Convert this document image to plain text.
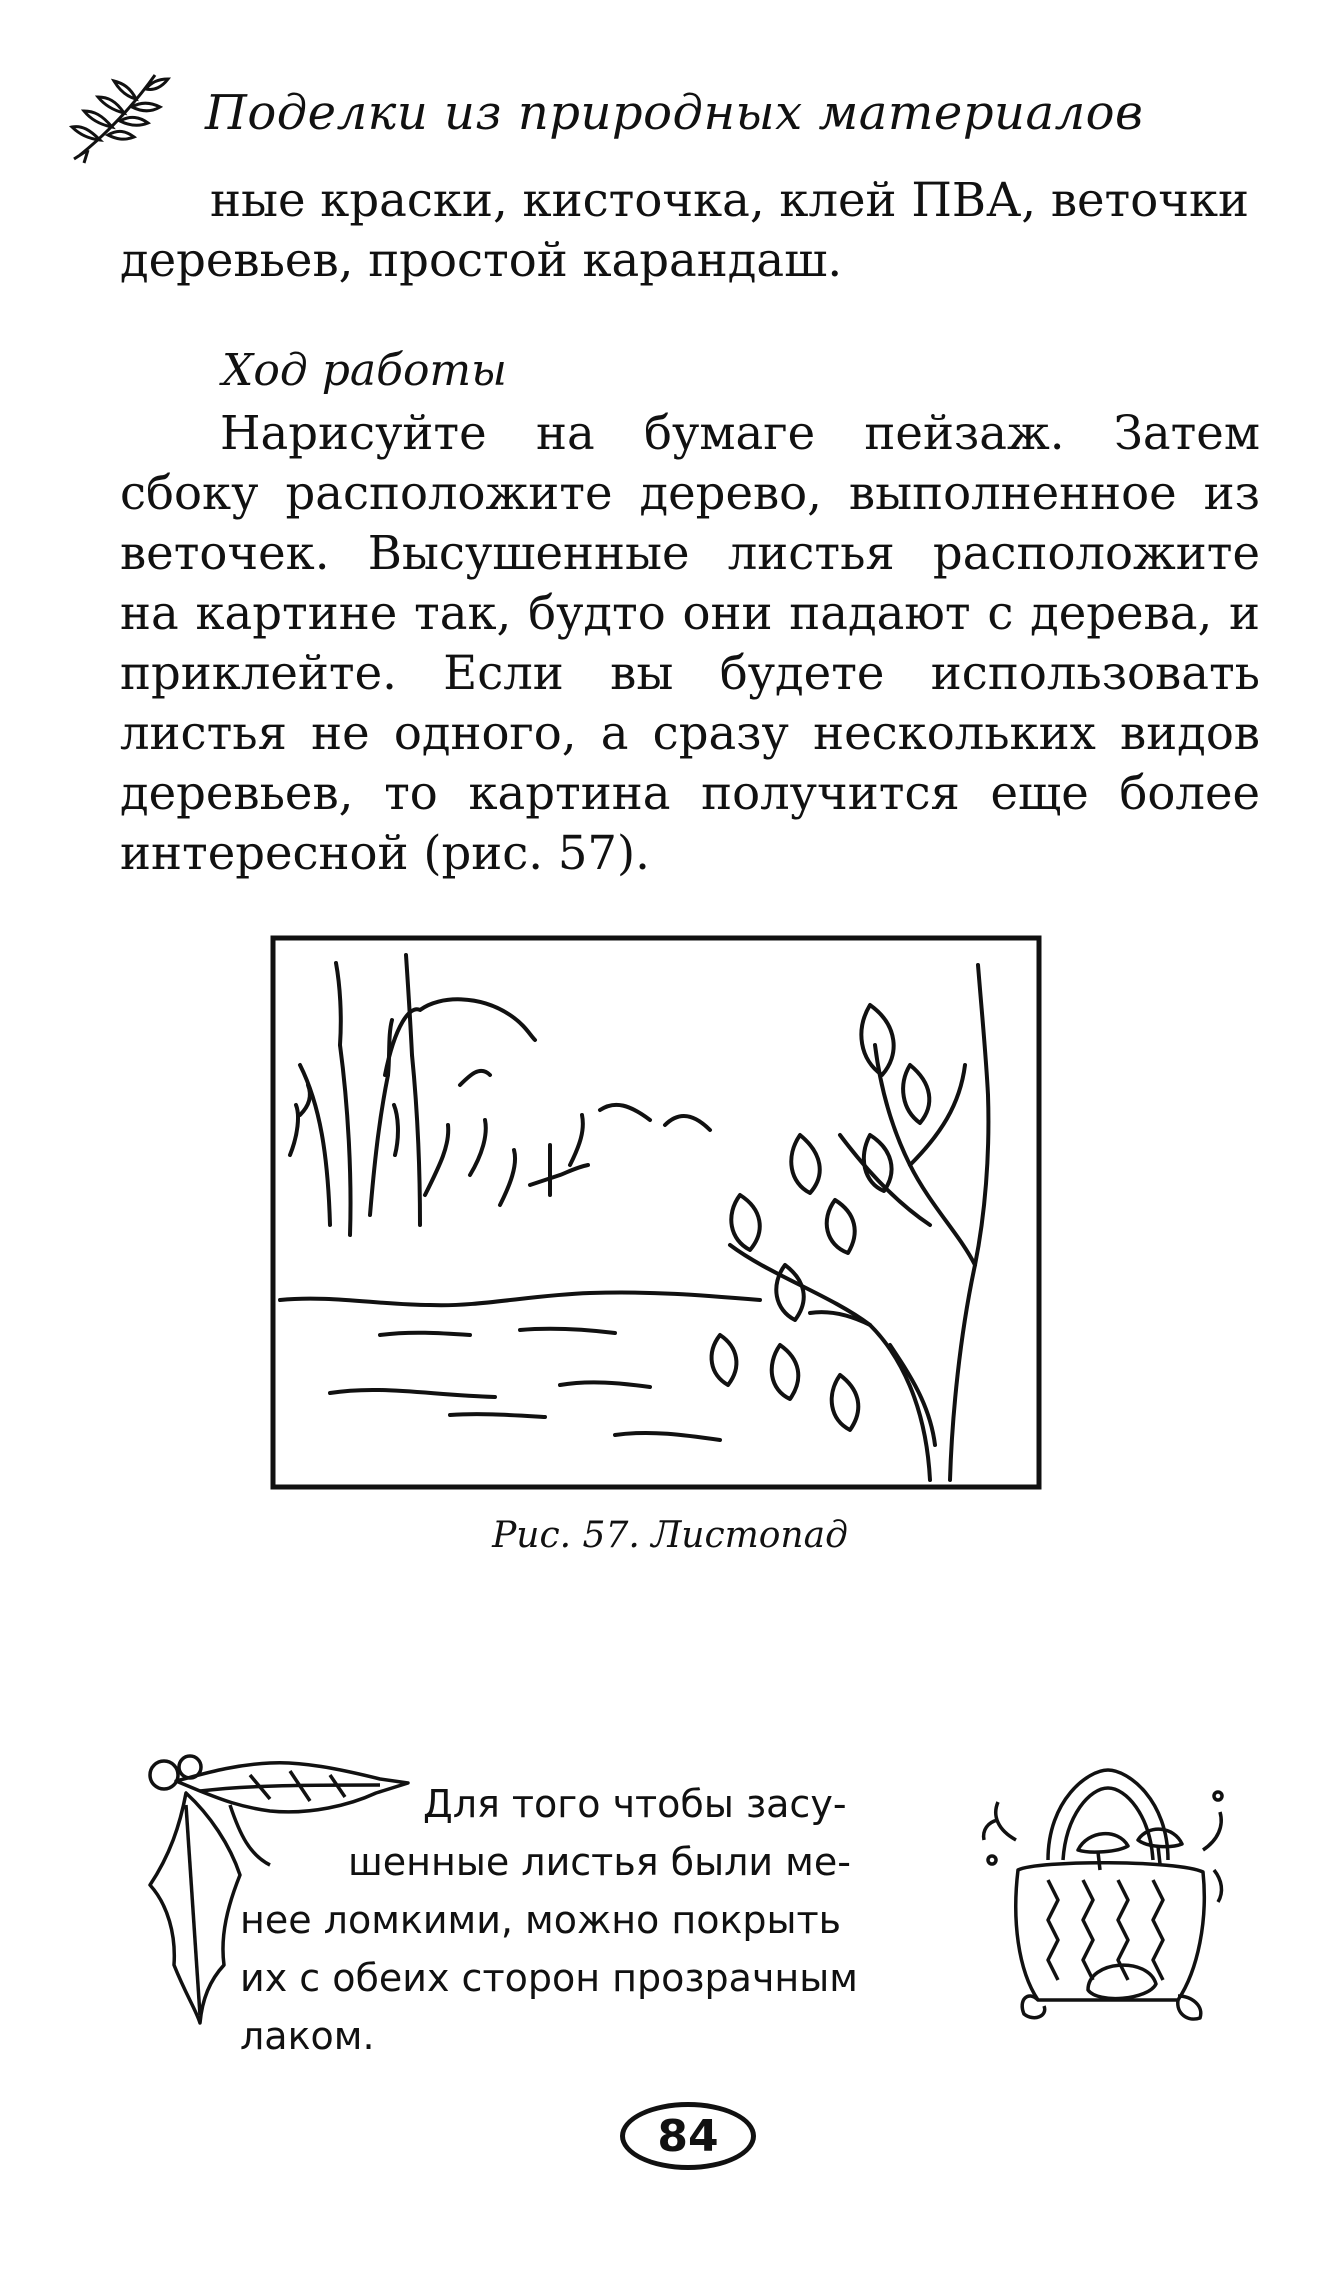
Поделки из природных материалов

ные краски, кисточка, клей ПВА, веточки

деревьев, простой карандаш.

Ход работы

Нарисуйте на бумаге пейзаж. Затем сбоку расположите дерево, выполненное из веточек. Высушенные листья расположите на картине так, будто они падают с дерева, и приклейте. Если вы будете использовать листья не одного, а сразу нескольких видов деревьев, то картина получится еще более интересной (рис. 57).

Рис. 57. Листопад
Для того чтобы засу-
шенные листья были ме-
нее ломкими, можно покрыть
их с обеих сторон прозрачным
лаком.
84
